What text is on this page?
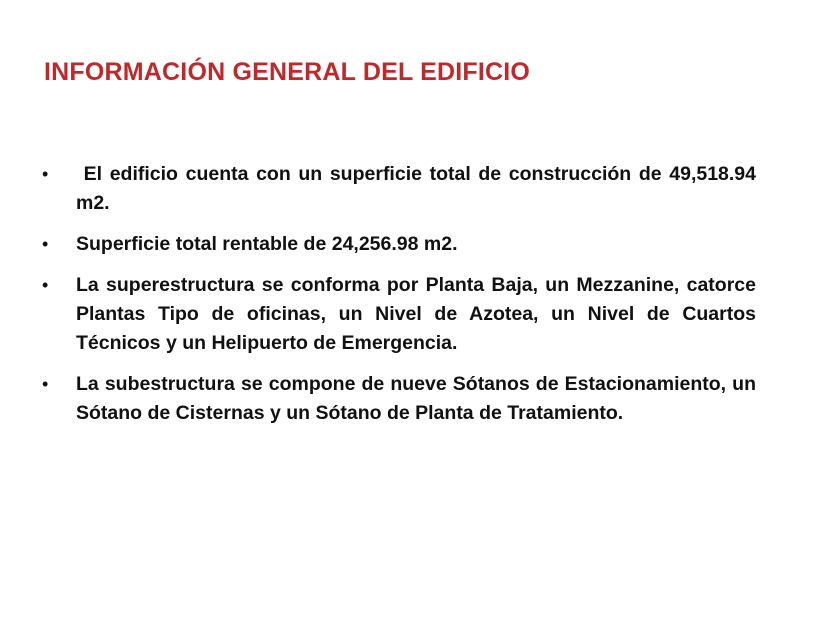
INFORMACIÓN GENERAL DEL EDIFICIO
• El edificio cuenta con un superficie total de construcción de 49,518.94 m2.
• Superficie total rentable de 24,256.98 m2.
• La superestructura se conforma por Planta Baja, un Mezzanine, catorce Plantas Tipo de oficinas, un Nivel de Azotea, un Nivel de Cuartos Técnicos y un Helipuerto de Emergencia.
• La subestructura se compone de nueve Sótanos de Estacionamiento, un Sótano de Cisternas y un Sótano de Planta de Tratamiento.
